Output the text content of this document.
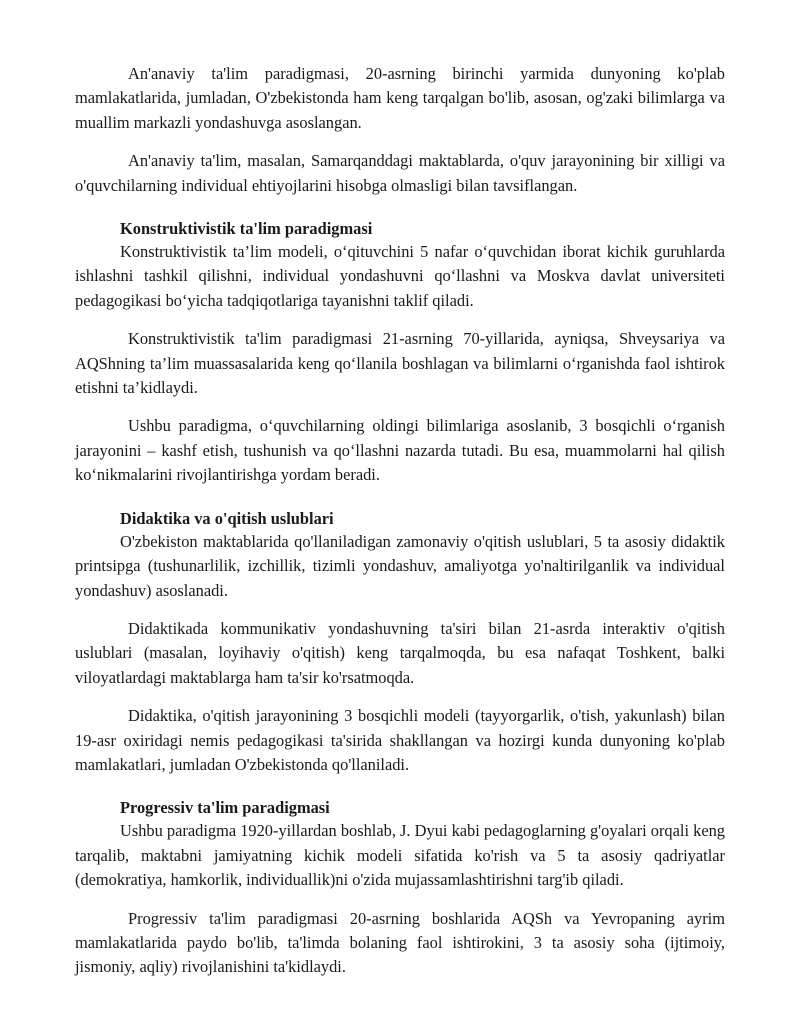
An'anaviy ta'lim paradigmasi, 20-asrning birinchi yarmida dunyoning ko'plab mamlakatlarida, jumladan, O'zbekistonda ham keng tarqalgan bo'lib, asosan, og'zaki bilimlarga va muallim markazli yondashuvga asoslangan.

An'anaviy ta'lim, masalan, Samarqanddagi maktablarda, o'quv jarayonining bir xilligi va o'quvchilarning individual ehtiyojlarini hisobga olmasligi bilan tavsiflangan.

Konstruktivistik ta'lim paradigmasi

Konstruktivistik ta’lim modeli, o‘qituvchini 5 nafar o‘quvchidan iborat kichik guruhlarda ishlashni tashkil qilishni, individual yondashuvni qo‘llashni va Moskva davlat universiteti pedagogikasi bo‘yicha tadqiqotlariga tayanishni taklif qiladi.

Konstruktivistik ta'lim paradigmasi 21-asrning 70-yillarida, ayniqsa, Shveysariya va AQShning ta’lim muassasalarida keng qo‘llanila boshlagan va bilimlarni o‘rganishda faol ishtirok etishni ta’kidlaydi.

Ushbu paradigma, o‘quvchilarning oldingi bilimlariga asoslanib, 3 bosqichli o‘rganish jarayonini – kashf etish, tushunish va qo‘llashni nazarda tutadi. Bu esa, muammolarni hal qilish ko‘nikmalarini rivojlantirishga yordam beradi.

Didaktika va o'qitish uslublari

O'zbekiston maktablarida qo'llaniladigan zamonaviy o'qitish uslublari, 5 ta asosiy didaktik printsipga (tushunarlilik, izchillik, tizimli yondashuv, amaliyotga yo'naltirilganlik va individual yondashuv) asoslanadi.

Didaktikada kommunikativ yondashuvning ta'siri bilan 21-asrda interaktiv o'qitish uslublari (masalan, loyihaviy o'qitish) keng tarqalmoqda, bu esa nafaqat Toshkent, balki viloyatlardagi maktablarga ham ta'sir ko'rsatmoqda.

Didaktika, o'qitish jarayonining 3 bosqichli modeli (tayyorgarlik, o'tish, yakunlash) bilan 19-asr oxiridagi nemis pedagogikasi ta'sirida shakllangan va hozirgi kunda dunyoning ko'plab mamlakatlari, jumladan O'zbekistonda qo'llaniladi.

Progressiv ta'lim paradigmasi

Ushbu paradigma 1920-yillardan boshlab, J. Dyui kabi pedagoglarning g'oyalari orqali keng tarqalib, maktabni jamiyatning kichik modeli sifatida ko'rish va 5 ta asosiy qadriyatlar (demokratiya, hamkorlik, individuallik)ni o'zida mujassamlashtirishni targ'ib qiladi.

Progressiv ta'lim paradigmasi 20-asrning boshlarida AQSh va Yevropaning ayrim mamlakatlarida paydo bo'lib, ta'limda bolaning faol ishtirokini, 3 ta asosiy soha (ijtimoiy, jismoniy, aqliy) rivojlanishini ta'kidlaydi.
